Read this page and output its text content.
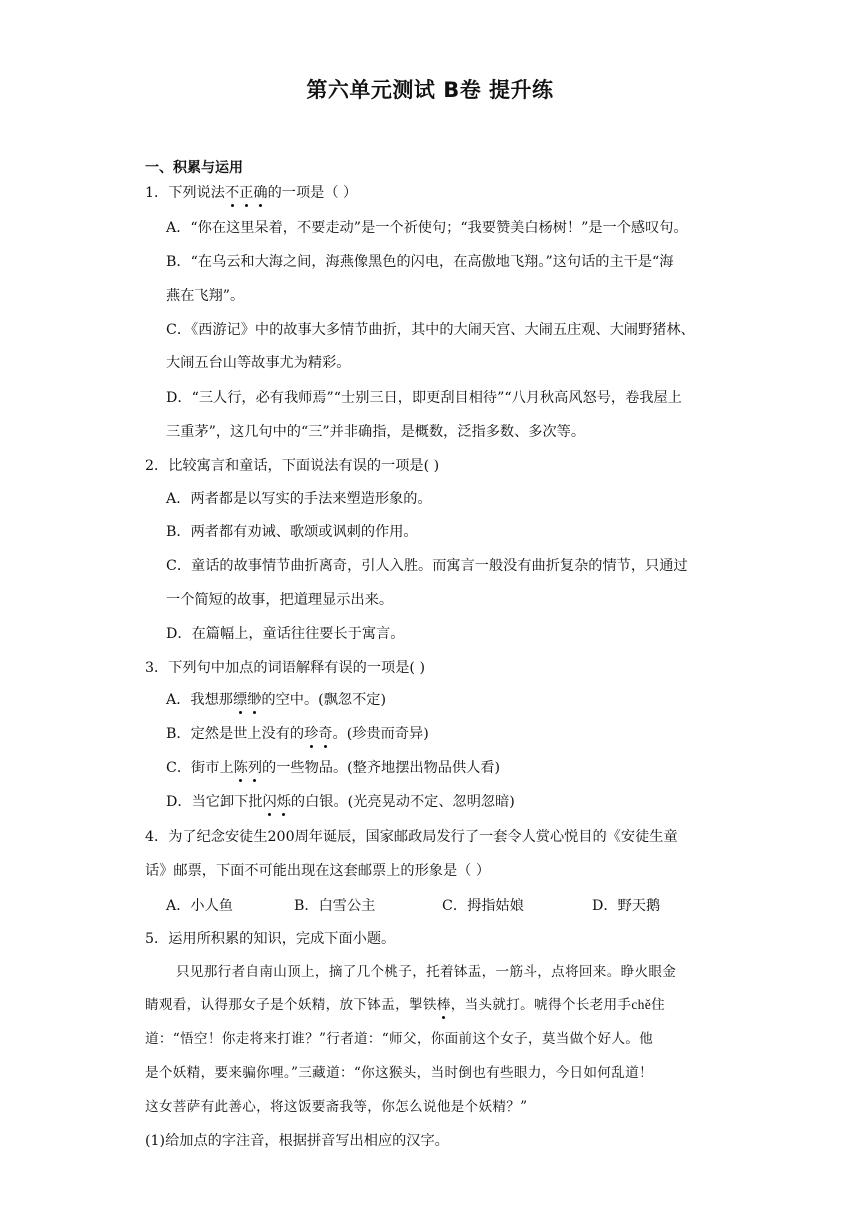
第六单元测试 B卷 提升练
一、积累与运用
1．下列说法不正确的一项是（ ）
A．“你在这里呆着，不要走动”是一个祈使句；“我要赞美白杨树！”是一个感叹句。
B．“在乌云和大海之间，海燕像黑色的闪电，在高傲地飞翔。”这句话的主干是“海
燕在飞翔”。
C．《西游记》中的故事大多情节曲折，其中的大闹天宫、大闹五庄观、大闹野猪林、
大闹五台山等故事尤为精彩。
D．“三人行，必有我师焉”“士别三日，即更刮目相待”“八月秋高风怒号，卷我屋上
三重茅”，这几句中的“三”并非确指，是概数，泛指多数、多次等。
2．比较寓言和童话，下面说法有误的一项是( )
A．两者都是以写实的手法来塑造形象的。
B．两者都有劝诫、歌颂或讽刺的作用。
C．童话的故事情节曲折离奇，引人入胜。而寓言一般没有曲折复杂的情节，只通过
一个简短的故事，把道理显示出来。
D．在篇幅上，童话往往要长于寓言。
3．下列句中加点的词语解释有误的一项是( )
A．我想那缥缈的空中。(飘忽不定)
B．定然是世上没有的珍奇。(珍贵而奇异)
C．街市上陈列的一些物品。(整齐地摆出物品供人看)
D．当它卸下批闪烁的白银。(光亮晃动不定、忽明忽暗)
4．为了纪念安徒生200周年诞辰，国家邮政局发行了一套令人赏心悦目的《安徒生童
话》邮票，下面不可能出现在这套邮票上的形象是（ ）
A．小人鱼	B．白雪公主	C．拇指姑娘	D．野天鹅
5．运用所积累的知识，完成下面小题。
只见那行者自南山顶上，摘了几个桃子，托着钵盂，一筋斗，点将回来。睁火眼金
睛观看，认得那女子是个妖精，放下钵盂，掣铁棒，当头就打。唬得个长老用手chě住
道：“悟空！你走将来打谁？”行者道：“师父，你面前这个女子，莫当做个好人。他
是个妖精，要来骗你哩。”三藏道：“你这猴头，当时倒也有些眼力，今日如何乱道！
这女菩萨有此善心，将这饭要斋我等，你怎么说他是个妖精？”
(1)给加点的字注音，根据拼音写出相应的汉字。
